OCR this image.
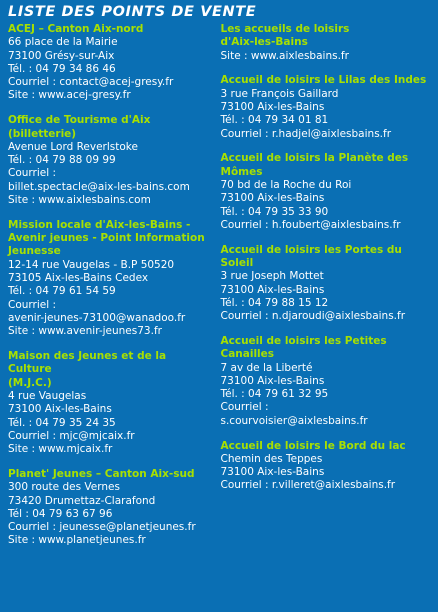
LISTE DES POINTS DE VENTE
ACEJ – Canton Aix-nord
66 place de la Mairie
73100 Grésy-sur-Aix
Tél. : 04 79 34 86 46
Courriel : contact@acej-gresy.fr
Site : www.acej-gresy.fr
Office de Tourisme d'Aix
(billetterie)
Avenue Lord Reverlstoke
Tél. : 04 79 88 09 99
Courriel :
billet.spectacle@aix-les-bains.com
Site : www.aixlesbains.com
Mission locale d'Aix-les-Bains -
Avenir jeunes - Point Information
Jeunesse
12-14 rue Vaugelas - B.P 50520
73105 Aix-les-Bains Cedex
Tél. : 04 79 61 54 59
Courriel :
avenir-jeunes-73100@wanadoo.fr
Site : www.avenir-jeunes73.fr
Maison des Jeunes et de la Culture
(M.J.C.)
4 rue Vaugelas
73100 Aix-les-Bains
Tél. : 04 79 35 24 35
Courriel : mjc@mjcaix.fr
Site : www.mjcaix.fr
Planet' Jeunes – Canton Aix-sud
300 route des Vernes
73420 Drumettaz-Clarafond
Tél : 04 79 63 67 96
Courriel : jeunesse@planetjeunes.fr
Site : www.planetjeunes.fr
Les accueils de loisirs
d'Aix-les-Bains
Site : www.aixlesbains.fr
Accueil de loisirs le Lilas des Indes
3 rue François Gaillard
73100 Aix-les-Bains
Tél. : 04 79 34 01 81
Courriel : r.hadjel@aixlesbains.fr
Accueil de loisirs la Planète des
Mômes
70 bd de la Roche du Roi
73100 Aix-les-Bains
Tél. : 04 79 35 33 90
Courriel : h.foubert@aixlesbains.fr
Accueil de loisirs les Portes du
Soleil
3 rue Joseph Mottet
73100 Aix-les-Bains
Tél. : 04 79 88 15 12
Courriel : n.djaroudi@aixlesbains.fr
Accueil de loisirs les Petites
Canailles
7 av de la Liberté
73100 Aix-les-Bains
Tél. : 04 79 61 32 95
Courriel :
s.courvoisier@aixlesbains.fr
Accueil de loisirs le Bord du lac
Chemin des Teppes
73100 Aix-les-Bains
Courriel : r.villeret@aixlesbains.fr
